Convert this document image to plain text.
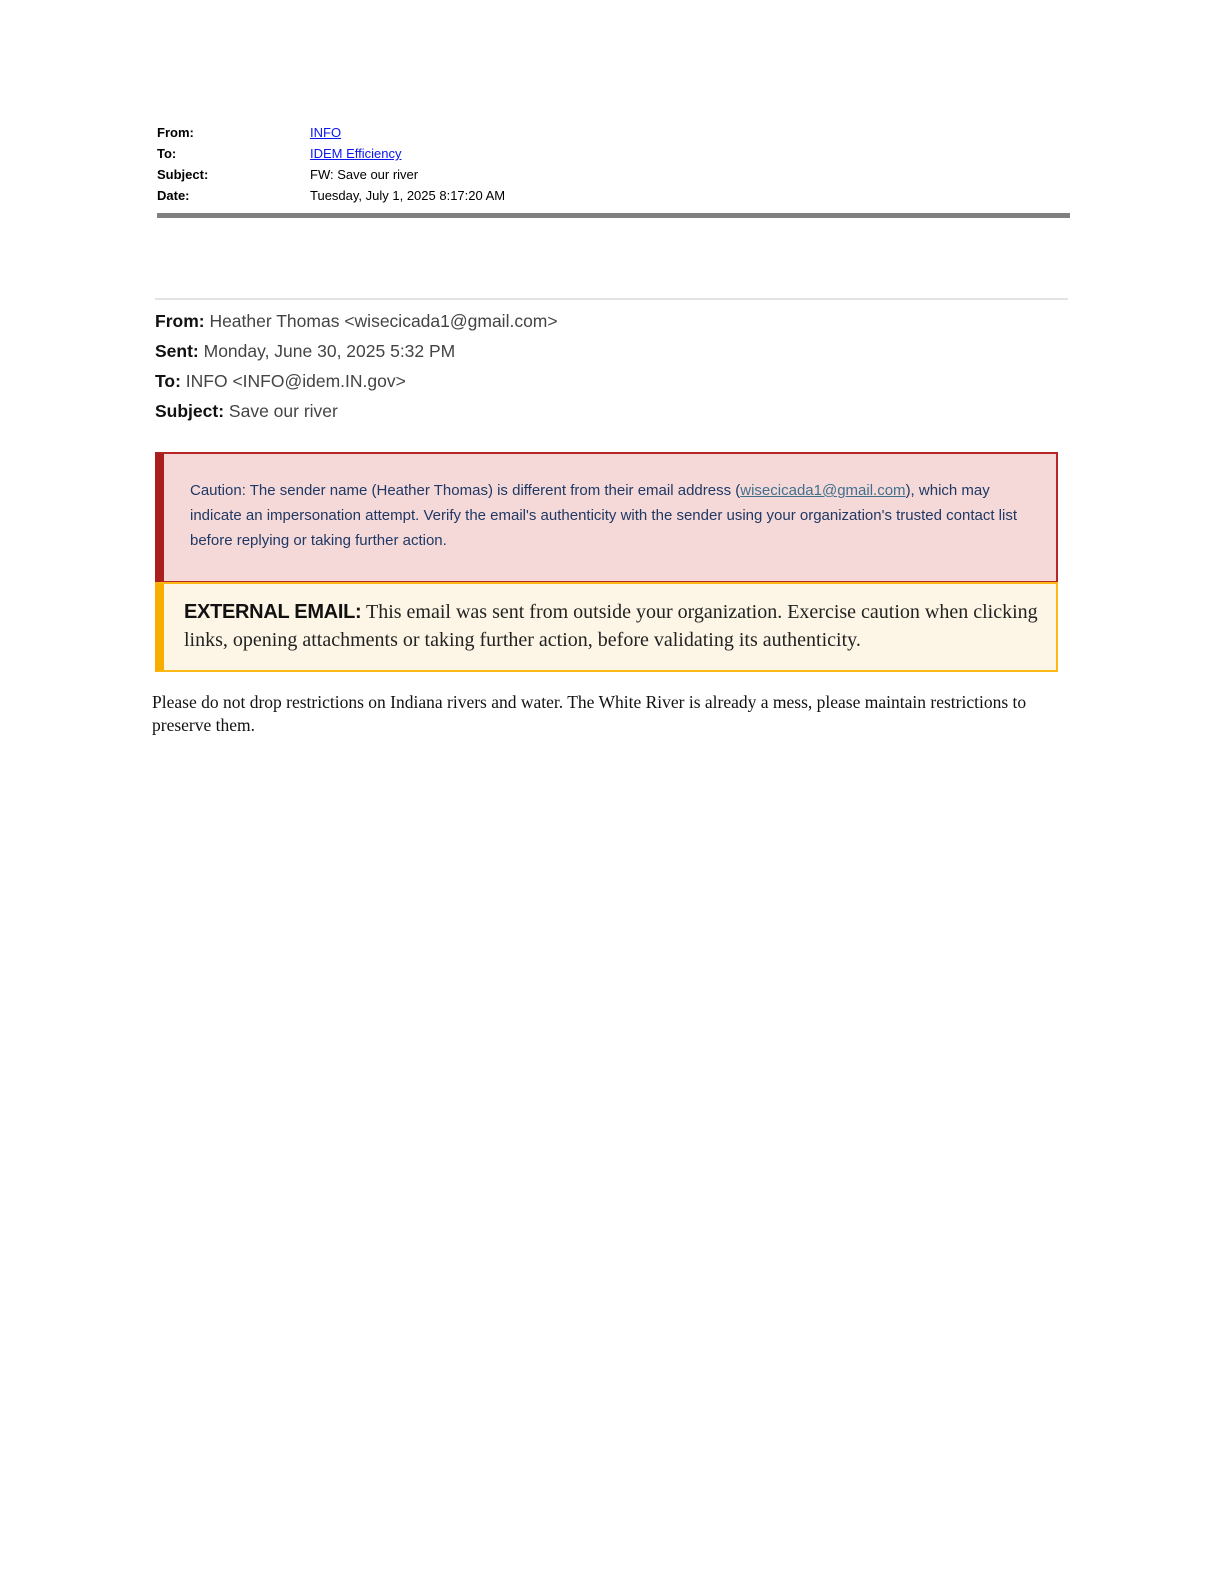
From:	INFO
To:	IDEM Efficiency
Subject:	FW: Save our river
Date:	Tuesday, July 1, 2025 8:17:20 AM
From: Heather Thomas <wisecicada1@gmail.com>
Sent: Monday, June 30, 2025 5:32 PM
To: INFO <INFO@idem.IN.gov>
Subject: Save our river
Caution: The sender name (Heather Thomas) is different from their email address (wisecicada1@gmail.com), which may indicate an impersonation attempt. Verify the email's authenticity with the sender using your organization's trusted contact list before replying or taking further action.
EXTERNAL EMAIL: This email was sent from outside your organization. Exercise caution when clicking links, opening attachments or taking further action, before validating its authenticity.
Please do not drop restrictions on Indiana rivers and water. The White River is already a mess, please maintain restrictions to preserve them.
